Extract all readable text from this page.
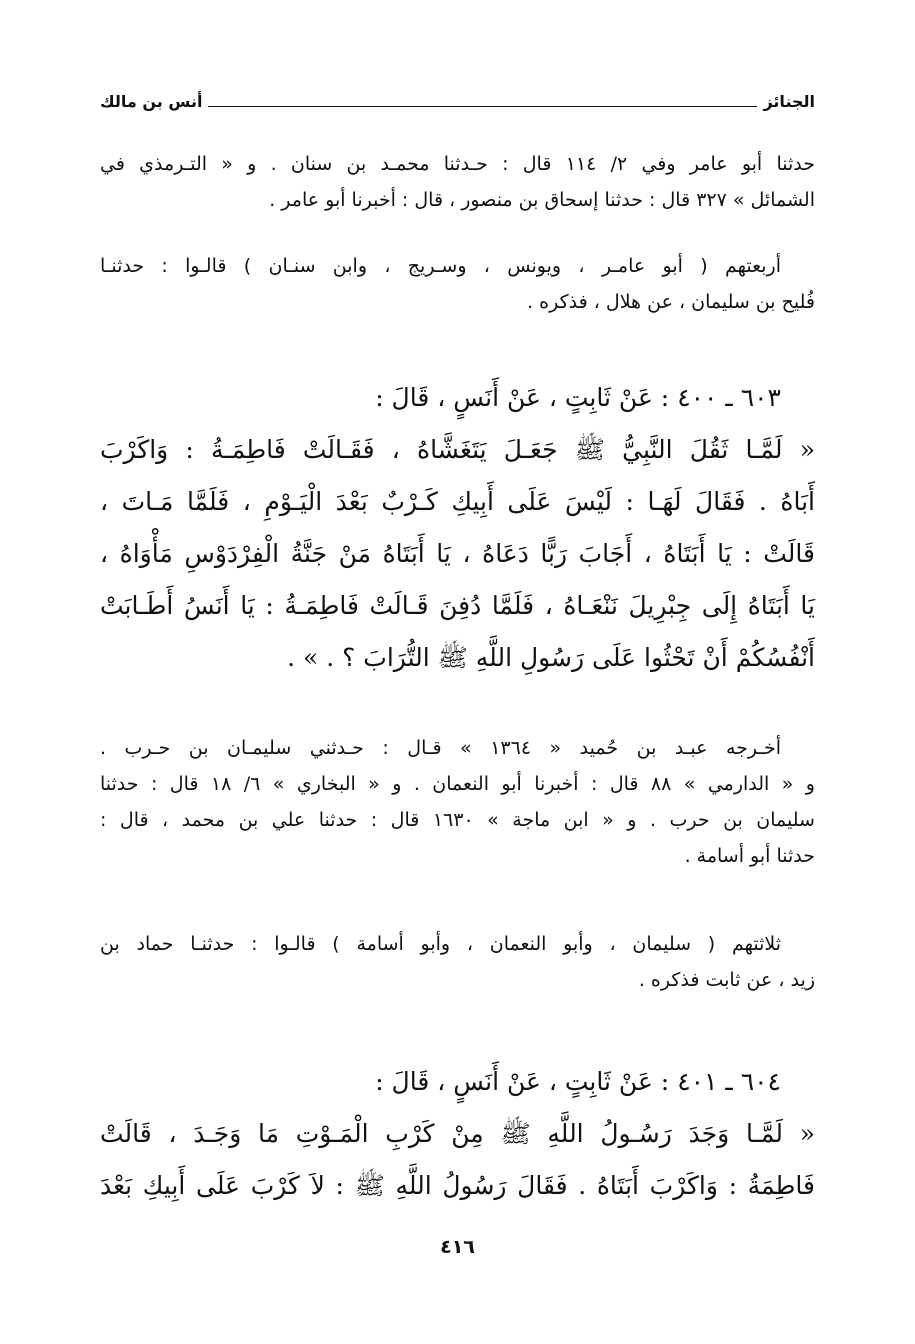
الجنائز
أنس بن مالك
حدثنا أبو عامر وفي ٢/ ١١٤ قال : حـدثنا محمـد بن سنان . و « التـرمذي في
الشمائل » ٣٢٧ قال : حدثنا إسحاق بن منصور ، قال : أخبرنا أبو عامر .
أربعتهم ( أبو عامـر ، ويونس ، وسـريج ، وابن سنـان ) قالـوا : حدثنـا
فُليح بن سليمان ، عن هلال ، فذكره .
٦٠٣ ـ ٤٠٠ : عَنْ ثَابِتٍ ، عَنْ أَنَسٍ ، قَالَ :
« لَمَّـا ثَقُلَ النَّبِيُّ ﷺ جَعَـلَ يَتَغَشَّاهُ ، فَقَـالَتْ فَاطِمَـةُ : وَاكَرْبَ
أَبَاهُ . فَقَالَ لَهَـا : لَيْسَ عَلَى أَبِيكِ كَـرْبٌ بَعْدَ الْيَـوْمِ ، فَلَمَّا مَـاتَ ،
قَالَتْ : يَا أَبَتَاهُ ، أَجَابَ رَبًّا دَعَاهُ ، يَا أَبَتَاهُ مَنْ جَنَّةُ الْفِرْدَوْسِ مَأْوَاهُ ،
يَا أَبَتَاهُ إِلَى جِبْرِيلَ نَنْعَـاهُ ، فَلَمَّا دُفِنَ قَـالَتْ فَاطِمَـةُ : يَا أَنَسُ أَطَـابَتْ
أَنْفُسُكُمْ أَنْ تَحْثُوا عَلَى رَسُولِ اللَّهِ ﷺ التُّرَابَ ؟ . » .
أخـرجه عبـد بن حُميد « ١٣٦٤ » قـال : حـدثني سليمـان بن حـرب .
و « الدارمي » ٨٨ قال : أخبرنا أبو النعمان . و « البخاري » ٦/ ١٨ قال : حدثنا
سليمان بن حرب . و « ابن ماجة » ١٦٣٠ قال : حدثنا علي بن محمد ، قال :
حدثنا أبو أسامة .
ثلاثتهم ( سليمان ، وأبو النعمان ، وأبو أسامة ) قالـوا : حدثنـا حماد بن
زيد ، عن ثابت فذكره .
٦٠٤ ـ ٤٠١ : عَنْ ثَابِتٍ ، عَنْ أَنَسٍ ، قَالَ :
« لَمَّـا وَجَدَ رَسُـولُ اللَّهِ ﷺ مِنْ كَرْبِ الْمَـوْتِ مَا وَجَـدَ ، قَالَتْ
فَاطِمَةُ : وَاكَرْبَ أَبَتَاهُ . فَقَالَ رَسُولُ اللَّهِ ﷺ : لاَ كَرْبَ عَلَى أَبِيكِ بَعْدَ
٤١٦
